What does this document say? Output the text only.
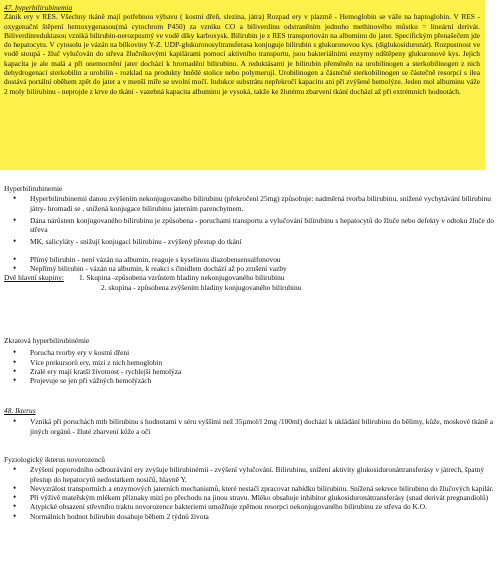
47. hyperbilirubinemia

Zánik ery v RES. Všechny tkáně mají potřebnou výbavu ( kostní dřeň, slezina, játra) Rozpad ery v plazmě - Hemoglobin se váže na haptoglobin. V RES - oxygenační štěpení hemoxygenasou(má cytochrom P450) za vzniku CO a biliverdinu odstraněním jednoho methinového můstku = lineární derivát. Biliverdinreduktasou vzniká bilirubin-nerozpustný ve vodě díky karboxysk. Bilirubin je z RES transportován na albuminu do jater. Specifickým přenašečem jde do hepatocytu. V cytosolu je vázán na bílkoviny Y-Z. UDP-glukuronosyltransferasa konjuguje bilirubin s glukuronovou kys. (diglukosiduronát). Rozpustnost ve vodě stoupá - žluč vylučován do střeva žlučníkovými kapilárami pomocí aktivního transportu, jsou bakteriálními enzymy odštěpeny glukuronové kys. Jejich kapacita je ale malá a při onemocnění jater dochází k hromadění bilirubinu. A reduktásami je bilirubin přeměněn na urobilinogen a sterkobilinogen z nich dehydrogenací sterkobilin a urobilin - rozklad na produkty hnědé stolice nebo polymerují. Urobilinogen a částečně sterkobilinogen se částečně resorpcí s ilea dostává portální oběhem zpět do jater a v menší míře se uvolní močí. Indukce substrátu nepřekročí kapacitu ani při zvýšené hemolýze. Jeden mol albuminu váže 2 moly bilirubinu - neprojde z krve do tkání - vazebná kapacita albuminu je vysoká, takže ke žlutému zbarvení tkání dochází až při extrémních hodnotách.

Hyperbilirubinemie

• Hyperbilirubinemii danou zvýšením nekonjugovaného bilirubinu (překročení 25mg) způsobuje: nadměrná tvorba bilirubinu, snížené vychytávání bilirubinu játry- hromadí se , snížená konjugace bilirubinu jaterním parenchymem.
• Dána nárůstem konjugovaného bilirubinu je způsobena - poruchami transportu a vylučování bilirubinu s hepatocytů do žluče nebo defekty v odtoku žluče do střeva
• MK, salicyláty - snižují konjugaci bilirubinu - zvýšený přestup do tkání
• Přímý bilirubin - není vázán na albumin, reaguje s kyselinou diazobensensulfonovou
• Nepřímý bilirubin - vázán na albumin, k reakci s činidlem dochází až po zrušení vazby
Dvě hlavní skupiny:	1. Skupina -způsobena vzrůstem hladiny nekonjugovaného bilirubinu
2. skupina - způsobena zvýšením hladiny konjugovaného bilirubinu

Zkratová hyperbilirubinémie

• Porucha tvorby ery v kostní dřeni
• Více prekursorů ery, mizí z nich hemoglobin
• Zralé ery mají kratší životnost - rychlejší hemolýza
• Projevuje se jen při vážných hemolýzách

48. Ikterus

• Vzniká při poruchách mtb bilirubinu s hodnotami v séru vyššími než 35μmol/l 2mg /100ml) dochází k ukládání bilirubinu do bělimy, kůže, moskové tkáně a jiných orgánů - žluté zbarvení kůže a očí

Fyziologický ikterus novorozenců

• Zvýšení poporodního odbourávání ery zvyšuje bilirubinémii - zvýšení vylučování. Bilirubinu, snížení aktivity glukosiduronáttransferásy v játrech, špatný přestup do hepatocytů nedostatkem nosičů, hlavně Y.
• Nevyzrálost transportních a enzymových jaterních mechanismů, které nestačí zpracovat nabídku bilirubinu. Snížená sekrece bilirubinu do žlučových kapilár.
• Při výživě mateřským mlékem příznaky mizí po přechodu na jinou stravu. Mléko obsahuje inhibitor glukosiduronáttransferásy (snad derivát pregnandiolů)
• Atypické obsazení střevního traktu novorozence bakteriemi umožňuje zpětnou resorpci nekonjugovaného bilirubinu ze střeva do K.O.
• Normálních hodnot bilirubin dosahuje během 2 týdnů života
